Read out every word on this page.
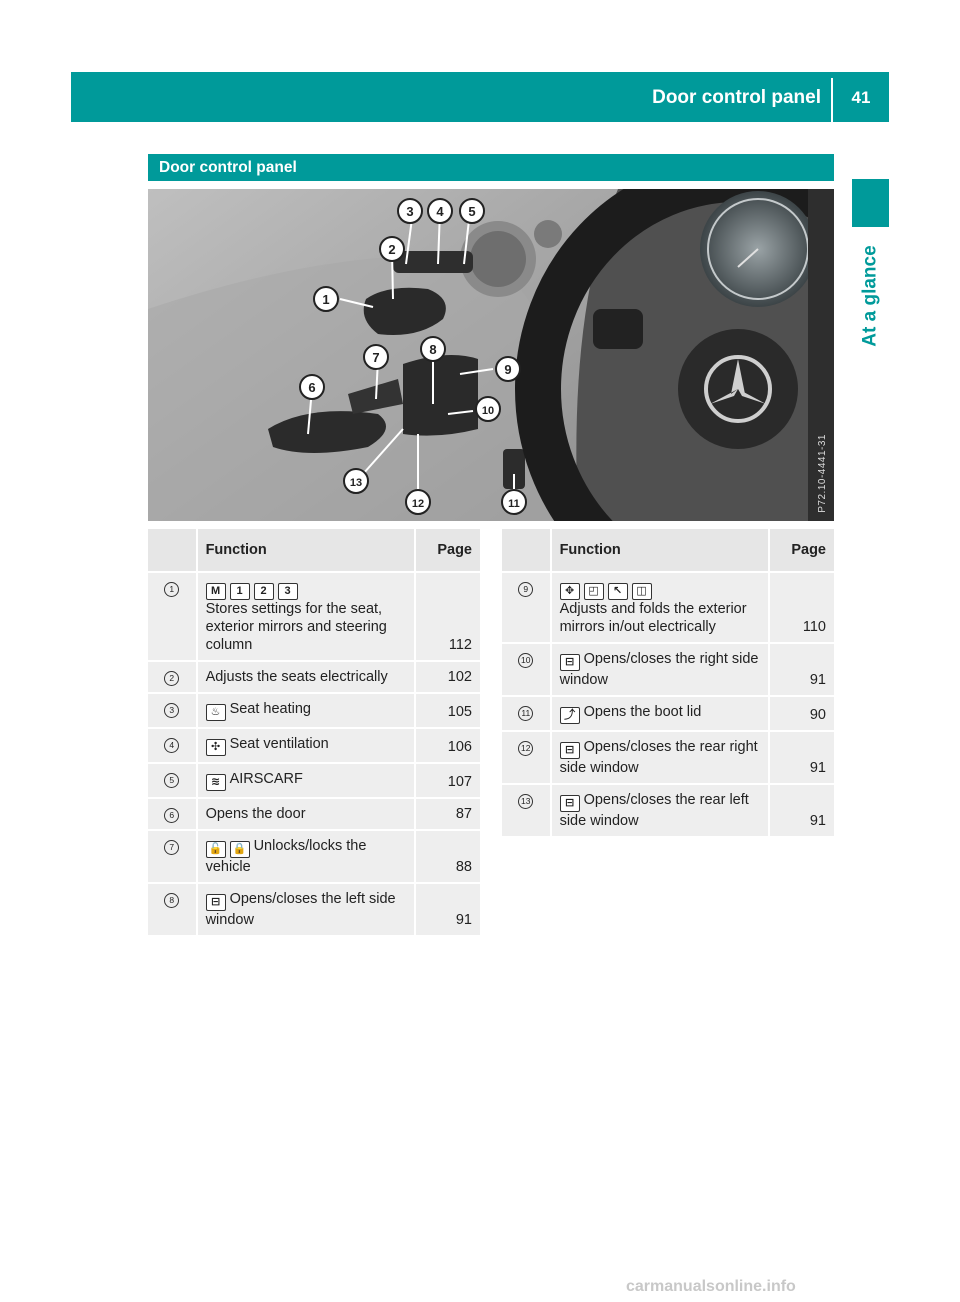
Door control panel	41
At a glance
Door control panel
1
2
3 4 5
6
7
8
9
10
11
12
13	P72.10-4441-31
	Function	Page
1	M 1 2 3
Stores settings for the seat, exterior mirrors and steering column	112
2	Adjusts the seats electrically	102
3	♨ Seat heating	105
4	✣ Seat ventilation	106
5	≋ AIRSCARF	107
6	Opens the door	87
7	🔓 🔒 Unlocks/locks the vehicle	88
8	⊟ Opens/closes the left side window	91
	Function	Page
9	✥ ◰ ↖ ◫
Adjusts and folds the exterior mirrors in/out electrically	110
10	⊟ Opens/closes the right side window	91
11	⤴ Opens the boot lid	90
12	⊟ Opens/closes the rear right side window	91
13	⊟ Opens/closes the rear left side window	91
carmanualsonline.info
